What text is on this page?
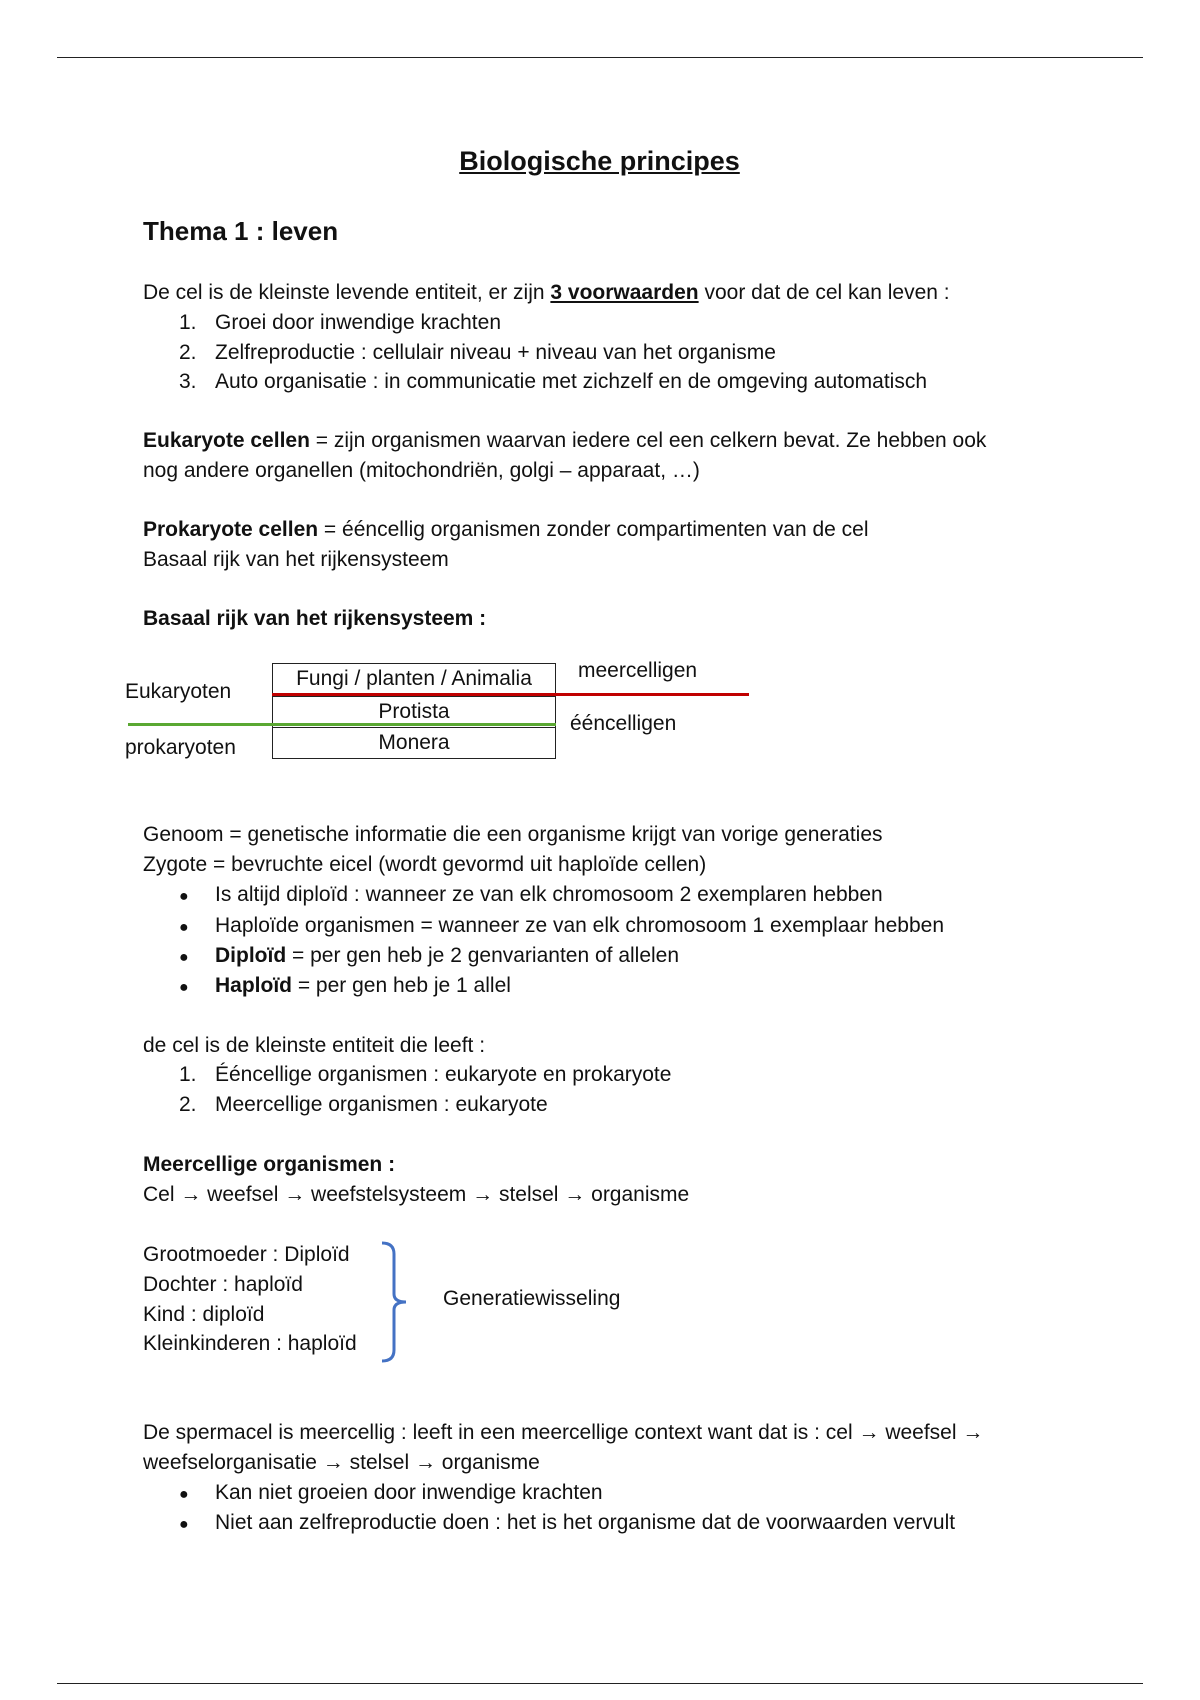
Biologische principes
Thema 1 : leven
De cel is de kleinste levende entiteit, er zijn 3 voorwaarden voor dat de cel kan leven :
1. Groei door inwendige krachten
2. Zelfreproductie : cellulair niveau + niveau van het organisme
3. Auto organisatie : in communicatie met zichzelf en de omgeving automatisch
Eukaryote cellen = zijn organismen waarvan iedere cel een celkern bevat. Ze hebben ook
nog andere organellen (mitochondriën, golgi – apparaat, …)
Prokaryote cellen = ééncellig organismen zonder compartimenten van de cel
Basaal rijk van het rijkensysteem
Basaal rijk van het rijkensysteem :
Eukaryoten
prokaryoten
Fungi / planten / Animalia
Protista
Monera
meercelligen
ééncelligen
Genoom = genetische informatie die een organisme krijgt van vorige generaties
Zygote = bevruchte eicel (wordt gevormd uit haploïde cellen)
● Is altijd diploïd : wanneer ze van elk chromosoom 2 exemplaren hebben
● Haploïde organismen = wanneer ze van elk chromosoom 1 exemplaar hebben
● Diploïd = per gen heb je 2 genvarianten of allelen
● Haploïd = per gen heb je 1 allel
de cel is de kleinste entiteit die leeft :
1. Ééncellige organismen : eukaryote en prokaryote
2. Meercellige organismen : eukaryote
Meercellige organismen :
Cel → weefsel → weefstelsysteem → stelsel → organisme
Grootmoeder : Diploïd
Dochter : haploïd
Kind : diploïd
Kleinkinderen : haploïd
Generatiewisseling
De spermacel is meercellig : leeft in een meercellige context want dat is : cel → weefsel →
weefselorganisatie → stelsel → organisme
● Kan niet groeien door inwendige krachten
● Niet aan zelfreproductie doen : het is het organisme dat de voorwaarden vervult
